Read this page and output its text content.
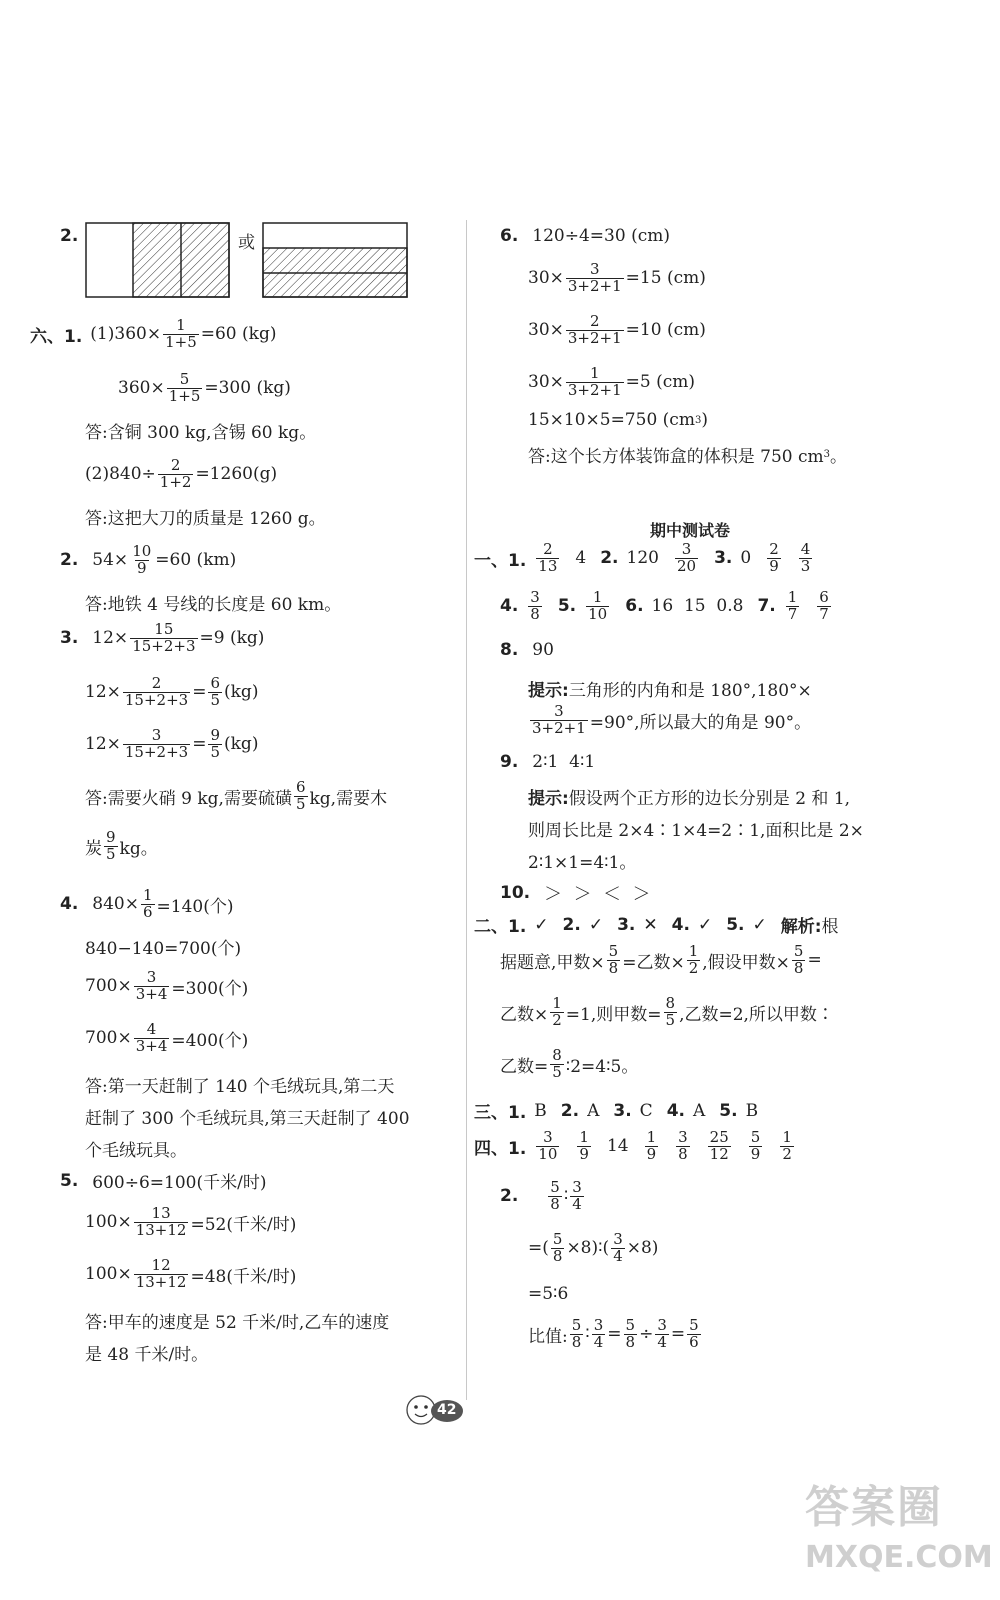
2.	或
六、1. $(1)360\times \frac{1}{1+5} =60$ (kg)
$360\times \frac{5}{1+5} =300$ (kg)
答:含铜 300 kg,含锡 60 kg。
$(2)840\div \frac{2}{1+2} =1260(g)$
答:这把大刀的质量是 1260 g。
2. $54\times \frac{10}{9} =60$ (km)
答:地铁 4 号线的长度是 60 km。
3. $12\times \frac{15}{15+2+3} =9$ (kg)
$12\times \frac{2}{15+2+3} = \frac{6}{5} (kg)$
$12\times \frac{3}{15+2+3} = \frac{9}{5} (kg)$
答:需要火硝 9 kg,需要硫磺 $\frac{6}{5}$ kg,需要木
炭 $\frac{9}{5}$ kg。
4. $840\times \frac{1}{6} =140$(个)
840−140=700(个)
$700\times \frac{3}{3+4} =300$(个)
$700\times \frac{4}{3+4} =400$(个)
答:第一天赶制了 140 个毛绒玩具,第二天
赶制了 300 个毛绒玩具,第三天赶制了 400
个毛绒玩具。
5. 600÷6=100(千米/时)
$100\times \frac{13}{13+12} =52$(千米/时)
$100\times \frac{12}{13+12} =48$(千米/时)
答:甲车的速度是 52 千米/时,乙车的速度
是 48 千米/时。
6. 120÷4=30 (cm)
$30\times \frac{3}{3+2+1} =15$ (cm)
$30\times \frac{2}{3+2+1} =10$ (cm)
$30\times \frac{1}{3+2+1} =5$ (cm)
15×10×5=750 (cm 3 )
答:这个长方体装饰盒的体积是 750 cm 3 。
期中测试卷
一、1. $\frac{2}{13} 4$ 2. $120 \frac{3}{20} 3$. $0 \frac{2}{9} \frac{4}{3}$
4. $\frac{3}{8} 5$. $\frac{1}{10} 6$. 16  15  0.8 7. $\frac{1}{7} \frac{6}{7}$
8. 90
提示: 三角形的内角和是 180°,180°×
$\frac{3}{3+2+1} =90^\circ$,所以最大的角是 90°。
9. 2∶1  4∶1
提示: 假设两个正方形的边长分别是 2 和 1,
则周长比是 2×4∶1×4=2∶1,面积比是 2×
2∶1×1=4∶1。
10. ＞  ＞  ＜  ＞
二、1. ✓ 2. ✓ 3. ✕ 4. ✓ 5. ✓ 解析: 根
据题意,甲数× $\frac{5}{8}$ =乙数× $\frac{1}{2}$ ,假设甲数× $\frac{5}{8}$ =
乙数× $\frac{1}{2} =1$,则甲数= $\frac{8}{5}$ ,乙数=2,所以甲数∶
乙数= $\frac{8}{5}$ ∶2=4∶5。
三、1. B 2. A 3. C 4. A 5. B
四、1. $\frac{3}{10} \frac{1}{9} 14 \frac{1}{9} \frac{3}{8} \frac{25}{12} \frac{5}{9} \frac{1}{2}$
2. $\frac{5}{8}$ ∶ $\frac{3}{4}$
=( $\frac{5}{8}$ ×8)∶( $\frac{3}{4} \times 8$)
=5∶6
比值: $\frac{5}{8}$ ∶ $\frac{3}{4} = \frac{5}{8} \div \frac{3}{4} = \frac{5}{6}$
42
答案圈
MXQE.COM
